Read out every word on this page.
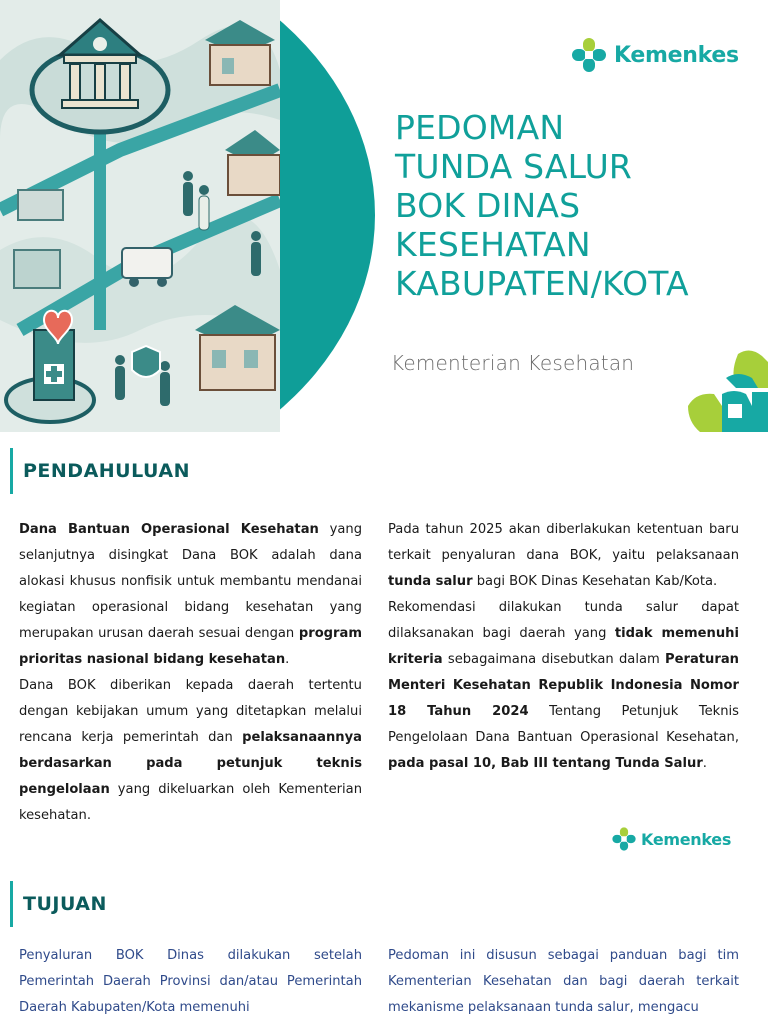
Kemenkes
PEDOMAN
TUNDA SALUR
BOK DINAS
KESEHATAN
KABUPATEN/KOTA
Kementerian Kesehatan
PENDAHULUAN

Dana Bantuan Operasional Kesehatan yang selanjutnya disingkat Dana BOK adalah dana alokasi khusus nonfisik untuk membantu mendanai kegiatan operasional bidang kesehatan yang merupakan urusan daerah sesuai dengan program prioritas nasional bidang kesehatan.

Dana BOK diberikan kepada daerah tertentu dengan kebijakan umum yang ditetapkan melalui rencana kerja pemerintah dan pelaksanaannya berdasarkan pada petunjuk teknis pengelolaan yang dikeluarkan oleh Kementerian kesehatan.

Pada tahun 2025 akan diberlakukan ketentuan baru terkait penyaluran dana BOK, yaitu pelaksanaan tunda salur bagi BOK Dinas Kesehatan Kab/Kota.

Rekomendasi dilakukan tunda salur dapat dilaksanakan bagi daerah yang tidak memenuhi kriteria sebagaimana disebutkan dalam Peraturan Menteri Kesehatan Republik Indonesia Nomor 18 Tahun 2024 Tentang Petunjuk Teknis Pengelolaan Dana Bantuan Operasional Kesehatan, pada pasal 10, Bab III tentang Tunda Salur.

Kemenkes
TUJUAN

Penyaluran BOK Dinas dilakukan setelah Pemerintah Daerah Provinsi dan/atau Pemerintah Daerah Kabupaten/Kota memenuhi

Pedoman ini disusun sebagai panduan bagi tim Kementerian Kesehatan dan bagi daerah terkait mekanisme pelaksanaan tunda salur, mengacu
